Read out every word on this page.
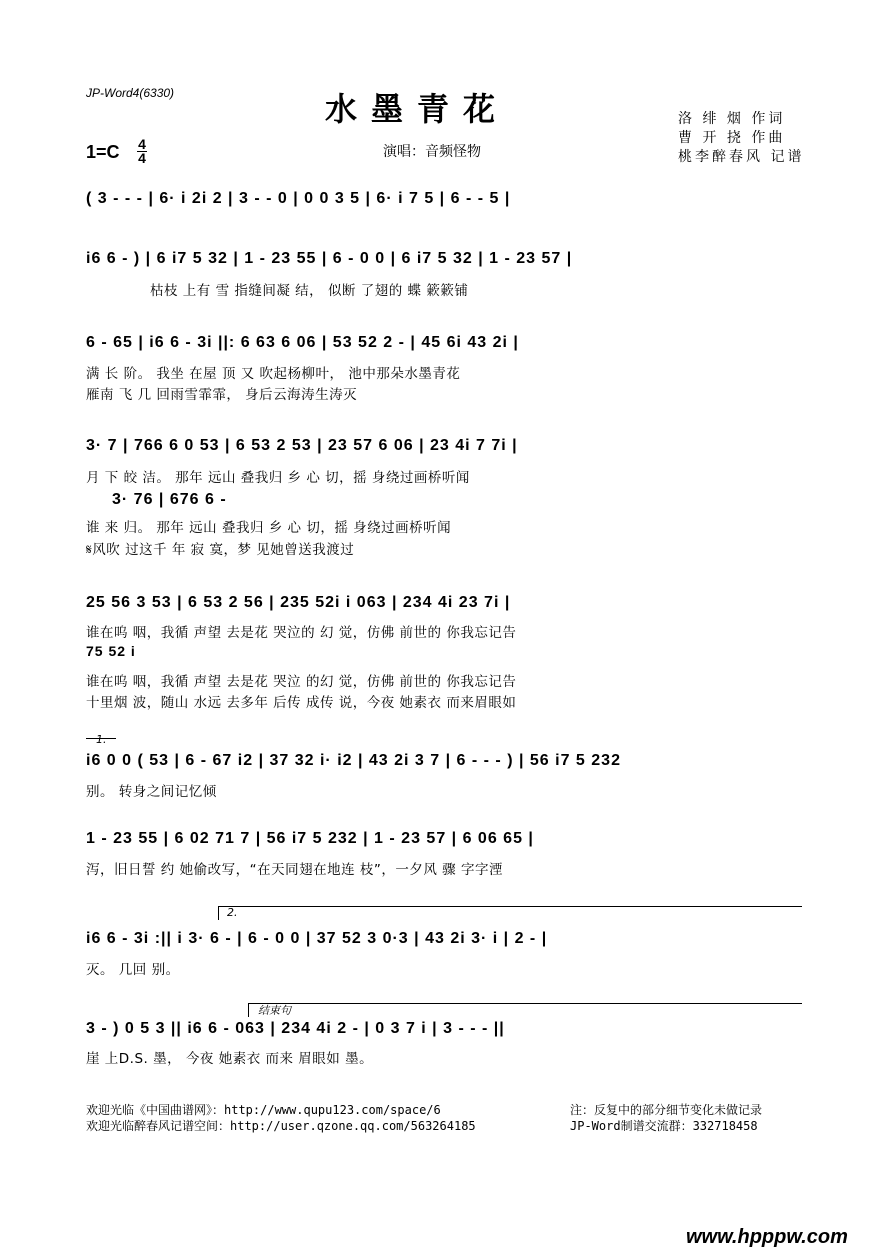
JP-Word4(6330)	水墨青花
1=C 4
4	演唱：音频怪物
洛 绯 烟 作词
曹 开 挠 作曲
桃李醉春风 记谱
( 3 - - - | 6· i 2i 2 | 3 - - 0 | 0 0 3 5 | 6· i 7 5 | 6 - - 5 |
i6 6 - ) | 6 i7 5 32 | 1 - 23 55 | 6 - 0 0 | 6 i7 5 32 | 1 - 23 57 |
枯枝 上有 雪 指缝间凝 结， 似断 了翅的 蝶 簌簌铺
6 - 65 | i6 6 - 3i ||: 6 63 6 06 | 53 52 2 - | 45 6i 43 2i |
满 长 阶。 我坐 在屋 顶 又 吹起杨柳叶， 池中那朵水墨青花
雁南 飞 几 回雨雪霏霏， 身后云海涛生涛灭
3· 7 | 766 6 0 53 | 6 53 2 53 | 23 57 6 06 | 23 4i 7 7i |
月 下 皎 洁。 那年 远山 叠我归 乡 心 切，摇 身绕过画桥听闻
3· 76 | 676 6 -
谁 来 归。 那年 远山 叠我归 乡 心 切，摇 身绕过画桥听闻
𝄋风吹 过这千 年 寂 寞，梦 见她曾送我渡过
25 56 3 53 | 6 53 2 56 | 235 52i i 063 | 234 4i 23 7i |
谁在呜 咽，我循 声望 去是花 哭泣的 幻 觉，仿佛 前世的 你我忘记告
75 52 i
谁在呜 咽，我循 声望 去是花 哭泣 的幻 觉，仿佛 前世的 你我忘记告
十里烟 波，随山 水远 去多年 后传 成传 说，今夜 她素衣 而来眉眼如
1.
i6 0 0 ( 53 | 6 - 67 i2 | 37 32 i· i2 | 43 2i 3 7 | 6 - - - ) | 56 i7 5 232
别。 转身之间记忆倾
1 - 23 55 | 6 02 71 7 | 56 i7 5 232 | 1 - 23 57 | 6 06 65 |
泻，旧日誓 约 她偷改写，“在天同翅在地连 枝”，一夕风 骤 字字湮
2.
i6 6 - 3i :|| i 3· 6 - | 6 - 0 0 | 37 52 3 0·3 | 43 2i 3· i | 2 - |
灭。 几回 别。
结束句
3 - ) 0 5 3 || i6 6 - 063 | 234 4i 2 - | 0 3 7 i | 3 - - - ||
崖 上D.S. 墨， 今夜 她素衣 而来 眉眼如 墨。
欢迎光临《中国曲谱网》：http://www.qupu123.com/space/6
欢迎光临醉春风记谱空间：http://user.qzone.qq.com/563264185
注：反复中的部分细节变化未做记录
JP-Word制谱交流群：332718458
www.hpppw.com
